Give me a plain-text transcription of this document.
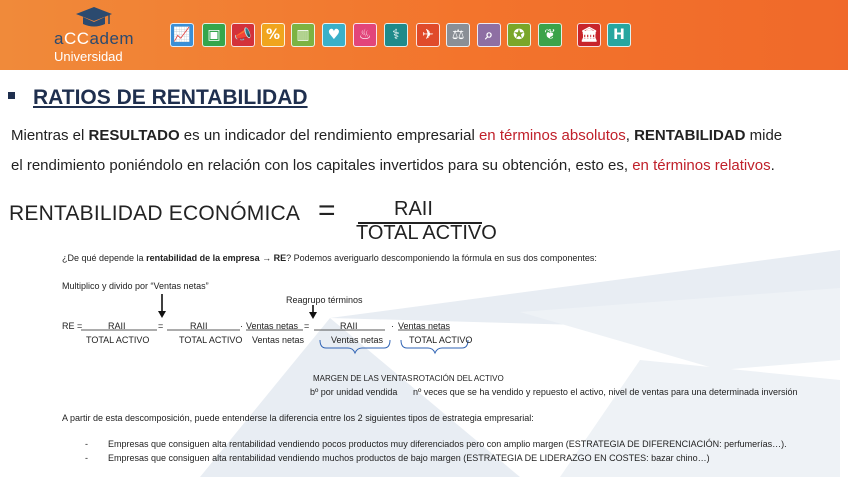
aCCadem
Universidad
📈	▣ 📣	%	▥	♥	♨	⚕	✈	⚖	⌕	✪	❦	🏛	H
RATIOS DE RENTABILIDAD
Mientras el RESULTADO es un indicador del rendimiento empresarial en términos absolutos, RENTABILIDAD mide
el rendimiento poniéndolo en relación con los capitales invertidos para su obtención, esto es, en términos relativos.
RENTABILIDAD ECONÓMICA =	RAII
TOTAL ACTIVO
¿De qué depende la rentabilidad de la empresa → RE? Podemos averiguarlo descomponiendo la fórmula en sus dos componentes:
Multiplico y divido por “Ventas netas”
Reagrupo términos
RE =	RAII	=	RAII	· Ventas netas =	RAII	· Ventas netas
TOTAL ACTIVO	TOTAL ACTIVO Ventas netas	Ventas netas	TOTAL ACTIVO
MARGEN DE LAS VENTAS ROTACIÓN DEL ACTIVO
bº por unidad vendida nº veces que se ha vendido y repuesto el activo, nivel de ventas para una determinada inversión
A partir de esta descomposición, puede entenderse la diferencia entre los 2 siguientes tipos de estrategia empresarial:
- Empresas que consiguen alta rentabilidad vendiendo pocos productos muy diferenciados pero con amplio margen (ESTRATEGIA DE DIFERENCIACIÓN: perfumerías…).
- Empresas que consiguen alta rentabilidad vendiendo muchos productos de bajo margen (ESTRATEGIA DE LIDERAZGO EN COSTES: bazar chino…)
